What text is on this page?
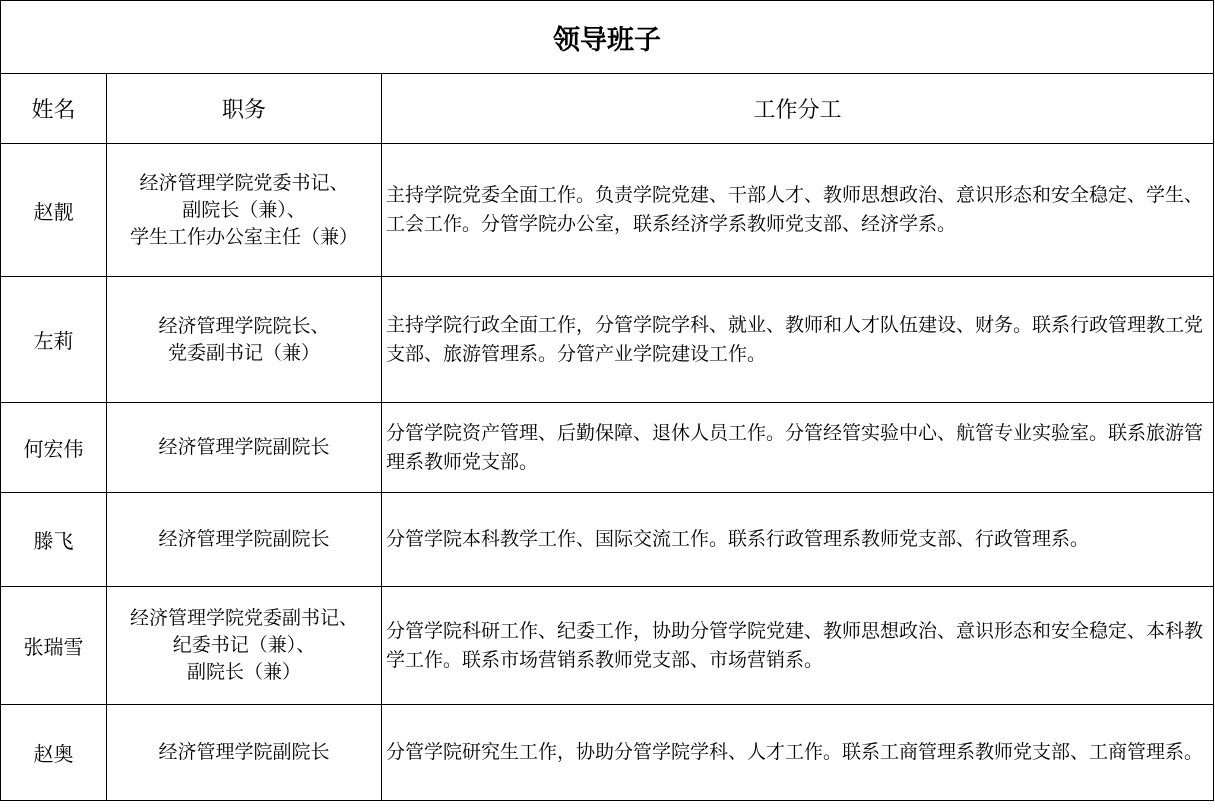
领导班子		
姓名	职务	工作分工
赵靓	经济管理学院党委书记、
副院长（兼）、
学生工作办公室主任（兼）	主持学院党委全面工作。负责学院党建、干部人才、教师思想政治、意识形态和安全稳定、学生、工会工作。分管学院办公室，联系经济学系教师党支部、经济学系。
左莉	经济管理学院院长、
党委副书记（兼）	主持学院行政全面工作，分管学院学科、就业、教师和人才队伍建设、财务。联系行政管理教工党支部、旅游管理系。分管产业学院建设工作。
何宏伟	经济管理学院副院长	分管学院资产管理、后勤保障、退休人员工作。分管经管实验中心、航管专业实验室。联系旅游管理系教师党支部。
滕飞	经济管理学院副院长	分管学院本科教学工作、国际交流工作。联系行政管理系教师党支部、行政管理系。
张瑞雪	经济管理学院党委副书记、
纪委书记（兼）、
副院长（兼）	分管学院科研工作、纪委工作，协助分管学院党建、教师思想政治、意识形态和安全稳定、本科教学工作。联系市场营销系教师党支部、市场营销系。
赵奥	经济管理学院副院长	分管学院研究生工作，协助分管学院学科、人才工作。联系工商管理系教师党支部、工商管理系。
